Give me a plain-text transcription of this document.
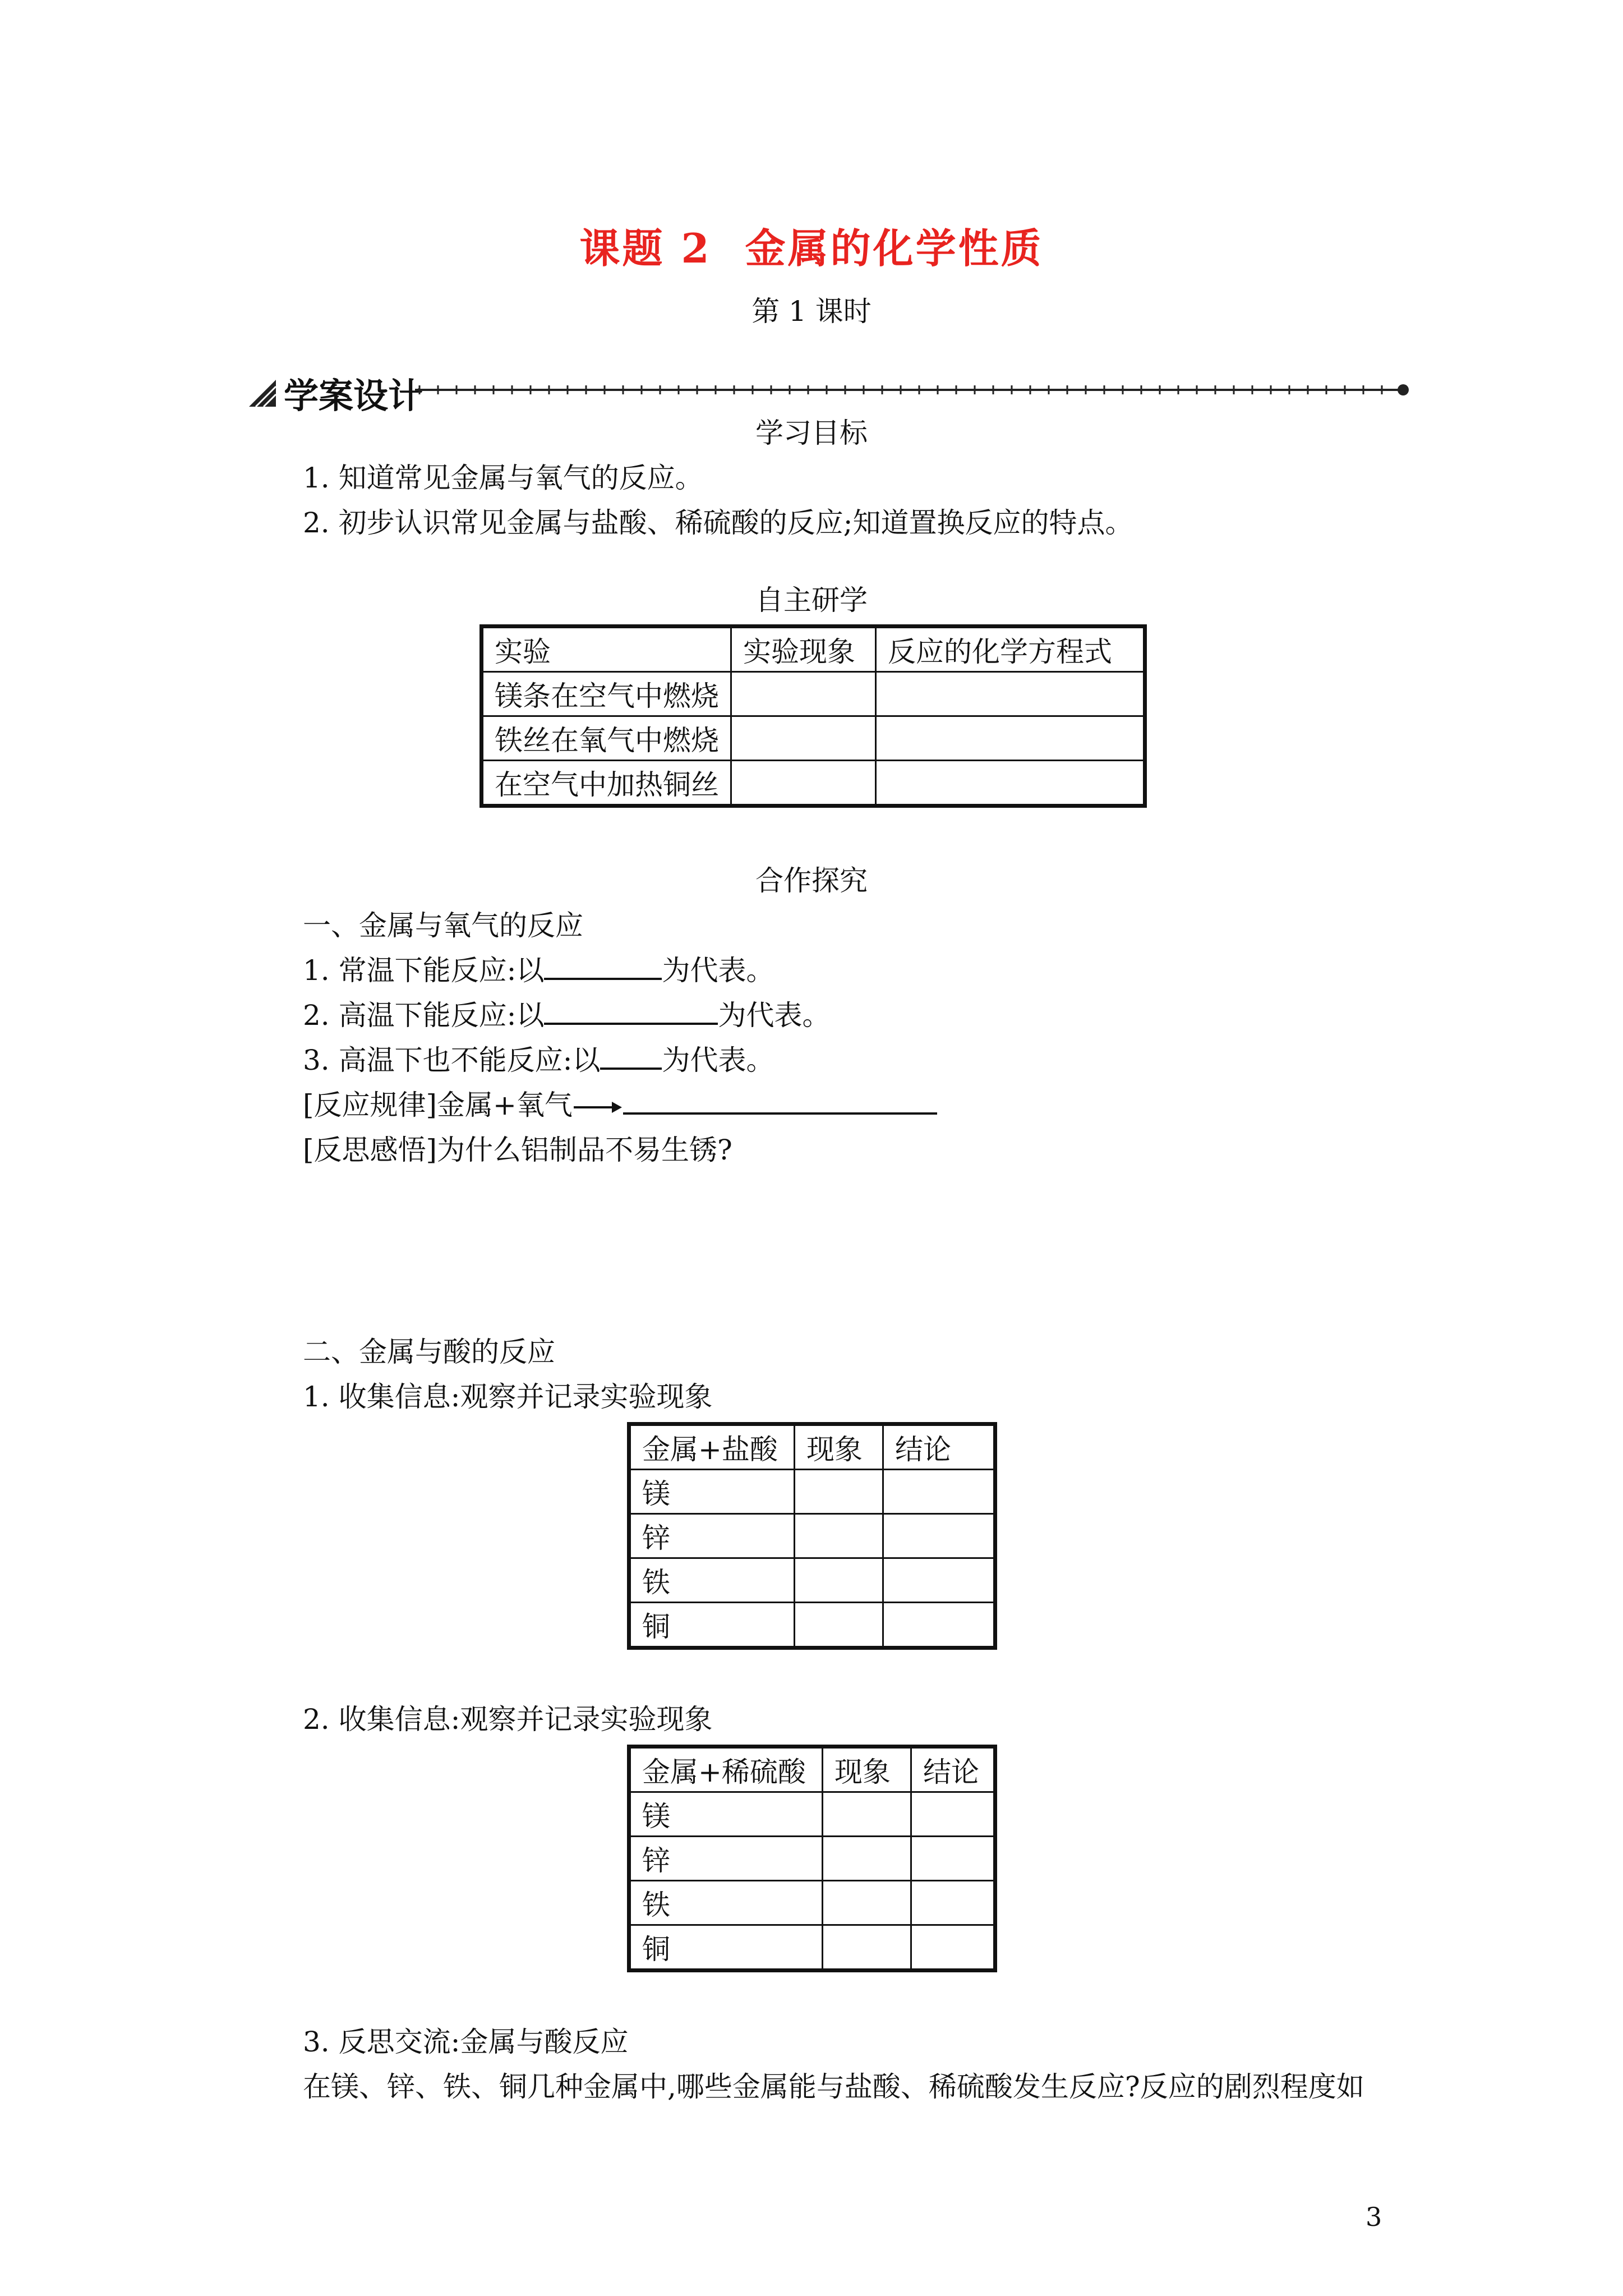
课题 2 金属的化学性质
第 1 课时
学案设计
学习目标
1. 知道常见金属与氧气的反应。
2. 初步认识常见金属与盐酸、稀硫酸的反应;知道置换反应的特点。
自主研学
实验	实验现象	反应的化学方程式
镁条在空气中燃烧		
铁丝在氧气中燃烧		
在空气中加热铜丝		
合作探究
一、金属与氧气的反应
1. 常温下能反应:以	为代表。
2. 高温下能反应:以	为代表。
3. 高温下也不能反应:以 为代表。
[反应规律]金属+氧气
[反思感悟]为什么铝制品不易生锈?
二、金属与酸的反应
1. 收集信息:观察并记录实验现象
金属+盐酸	现象	结论
镁		
锌		
铁		
铜		
2. 收集信息:观察并记录实验现象
金属+稀硫酸	现象	结论
镁		
锌		
铁		
铜		
3. 反思交流:金属与酸反应
在镁、锌、铁、铜几种金属中,哪些金属能与盐酸、稀硫酸发生反应?反应的剧烈程度如
3
